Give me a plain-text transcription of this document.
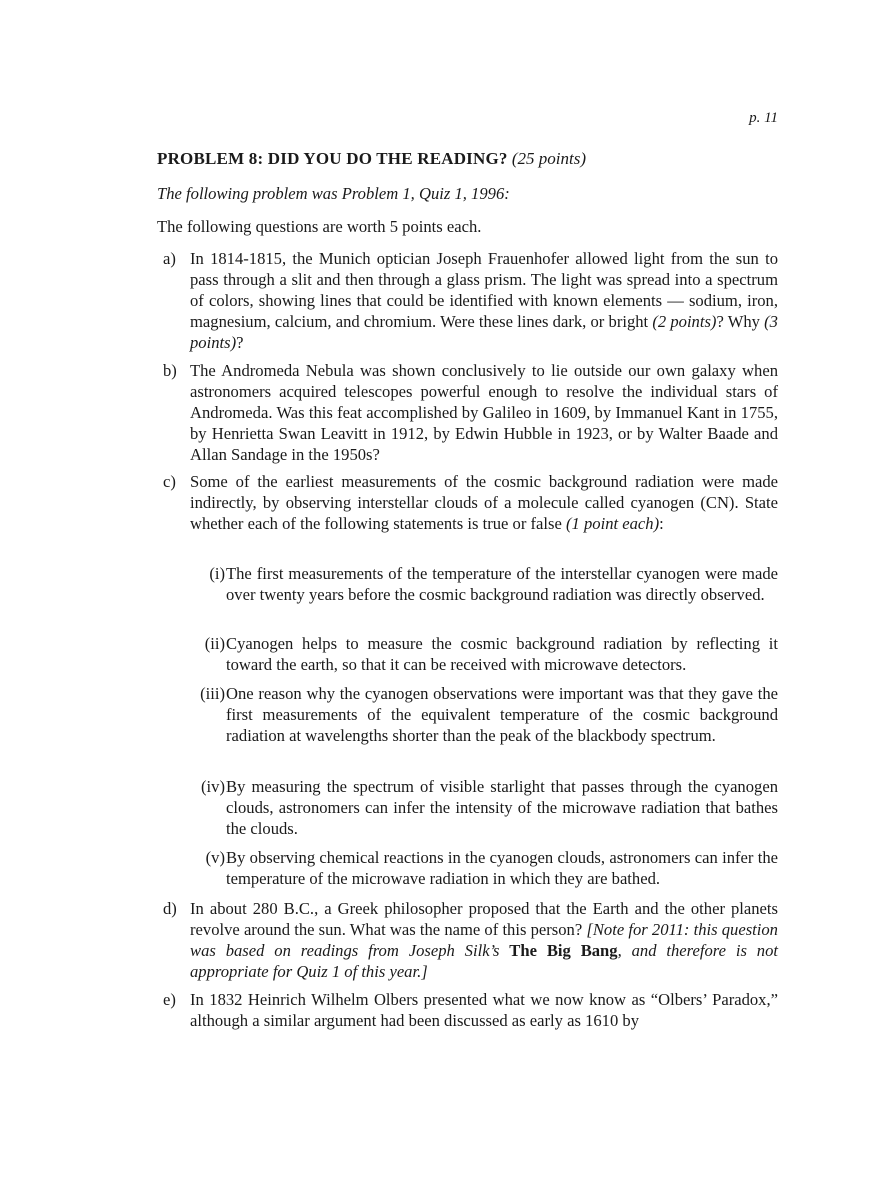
p. 11
PROBLEM 8: DID YOU DO THE READING? (25 points)
The following problem was Problem 1, Quiz 1, 1996:
The following questions are worth 5 points each.
a) In 1814-1815, the Munich optician Joseph Frauenhofer allowed light from the sun to pass through a slit and then through a glass prism. The light was spread into a spectrum of colors, showing lines that could be identified with known elements — sodium, iron, magnesium, calcium, and chromium. Were these lines dark, or bright (2 points)? Why (3 points)?
b) The Andromeda Nebula was shown conclusively to lie outside our own galaxy when astronomers acquired telescopes powerful enough to resolve the individual stars of Andromeda. Was this feat accomplished by Galileo in 1609, by Immanuel Kant in 1755, by Henrietta Swan Leavitt in 1912, by Edwin Hubble in 1923, or by Walter Baade and Allan Sandage in the 1950s?
c) Some of the earliest measurements of the cosmic background radiation were made indirectly, by observing interstellar clouds of a molecule called cyanogen (CN). State whether each of the following statements is true or false (1 point each):
(i) The first measurements of the temperature of the interstellar cyanogen were made over twenty years before the cosmic background radiation was directly observed.
(ii) Cyanogen helps to measure the cosmic background radiation by reflecting it toward the earth, so that it can be received with microwave detectors.
(iii) One reason why the cyanogen observations were important was that they gave the first measurements of the equivalent temperature of the cosmic background radiation at wavelengths shorter than the peak of the blackbody spectrum.
(iv) By measuring the spectrum of visible starlight that passes through the cyanogen clouds, astronomers can infer the intensity of the microwave radiation that bathes the clouds.
(v) By observing chemical reactions in the cyanogen clouds, astronomers can infer the temperature of the microwave radiation in which they are bathed.
d) In about 280 B.C., a Greek philosopher proposed that the Earth and the other planets revolve around the sun. What was the name of this person? [Note for 2011: this question was based on readings from Joseph Silk’s The Big Bang, and therefore is not appropriate for Quiz 1 of this year.]
e) In 1832 Heinrich Wilhelm Olbers presented what we now know as “Olbers’ Paradox,” although a similar argument had been discussed as early as 1610 by
